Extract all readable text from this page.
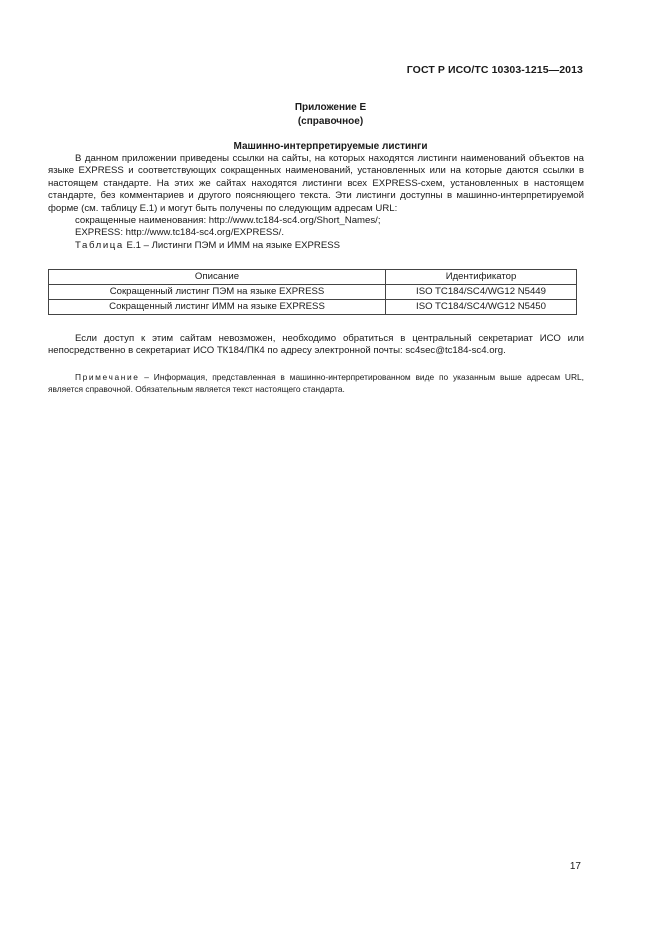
ГОСТ Р ИСО/ТС 10303-1215—2013
Приложение Е
(справочное)
Машинно-интерпретируемые листинги

В данном приложении приведены ссылки на сайты, на которых находятся листинги наименований объектов на языке EXPRESS и соответствующих сокращенных наименований, установленных или на которые даются ссылки в настоящем стандарте. На этих же сайтах находятся листинги всех EXPRESS-схем, установленных в настоящем стандарте, без комментариев и другого поясняющего текста. Эти листинги доступны в машинно-интерпретируемой форме (см. таблицу Е.1) и могут быть получены по следующим адресам URL:

сокращенные наименования: http://www.tc184-sc4.org/Short_Names/;

EXPRESS: http://www.tc184-sc4.org/EXPRESS/.

Таблица Е.1 – Листинги ПЭМ и ИММ на языке EXPRESS

Описание	Идентификатор
Сокращенный листинг ПЭМ на языке EXPRESS	ISO TC184/SC4/WG12 N5449
Сокращенный листинг ИММ на языке EXPRESS	ISO TC184/SC4/WG12 N5450

Если доступ к этим сайтам невозможен, необходимо обратиться в центральный секретариат ИСО или непосредственно в секретариат ИСО ТК184/ПК4 по адресу электронной почты: sc4sec@tc184-sc4.org.

Примечание – Информация, представленная в машинно-интерпретированном виде по указанным выше адресам URL, является справочной. Обязательным является текст настоящего стандарта.

17
